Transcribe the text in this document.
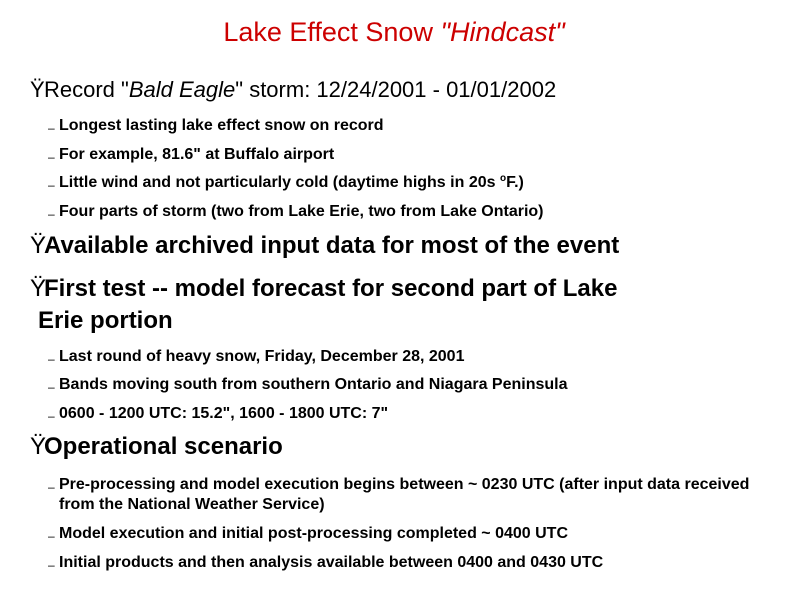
Lake Effect Snow "Hindcast"
Ÿ Record "Bald Eagle" storm: 12/24/2001 - 01/01/2002
– Longest lasting lake effect snow on record
– For example, 81.6" at Buffalo airport
– Little wind and not particularly cold (daytime highs in 20s $^o$F.)
– Four parts of storm (two from Lake Erie, two from Lake Ontario)
Ÿ
Available archived input data for most of the event
Ÿ
First test -- model forecast for second part of Lake
Erie portion
– Last round of heavy snow, Friday, December 28, 2001
– Bands moving south from southern Ontario and Niagara Peninsula
– 0600 - 1200 UTC: 15.2", 1600 - 1800 UTC: 7"
Ÿ
Operational scenario
– Pre-processing and model execution begins between ~ 0230 UTC (after input data received from the National Weather Service)
– Model execution and initial post-processing completed ~ 0400 UTC
– Initial products and then analysis available between 0400 and 0430 UTC
